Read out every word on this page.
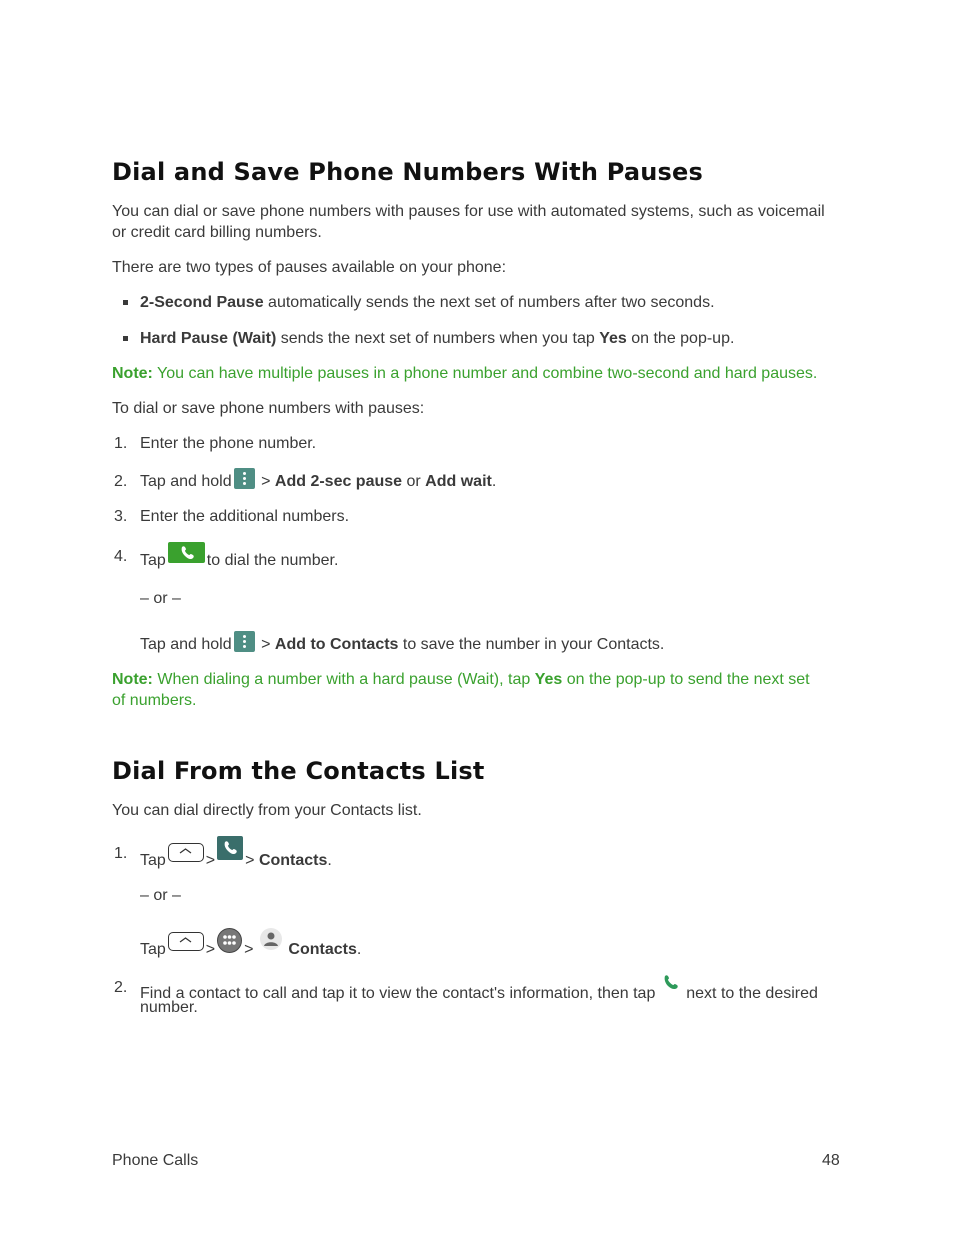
Dial and Save Phone Numbers With Pauses
You can dial or save phone numbers with pauses for use with automated systems, such as voicemail
or credit card billing numbers.
There are two types of pauses available on your phone:
2-Second Pause automatically sends the next set of numbers after two seconds.
Hard Pause (Wait) sends the next set of numbers when you tap Yes on the pop-up.
Note: You can have multiple pauses in a phone number and combine two-second and hard pauses.
To dial or save phone numbers with pauses:
1. Enter the phone number.
2. Tap and hold > Add 2-sec pause or Add wait.
3. Enter the additional numbers.
4. Tap	to dial the number.
– or –
Tap and hold > Add to Contacts to save the number in your Contacts.
Note: When dialing a number with a hard pause (Wait), tap Yes on the pop-up to send the next set
of numbers.
Dial From the Contacts List
You can dial directly from your Contacts list.
1. Tap	> > Contacts.
– or –
Tap	> > Contacts.
2. Find a contact to call and tap it to view the contact's information, then tap next to the desired
number.
Phone Calls	48
